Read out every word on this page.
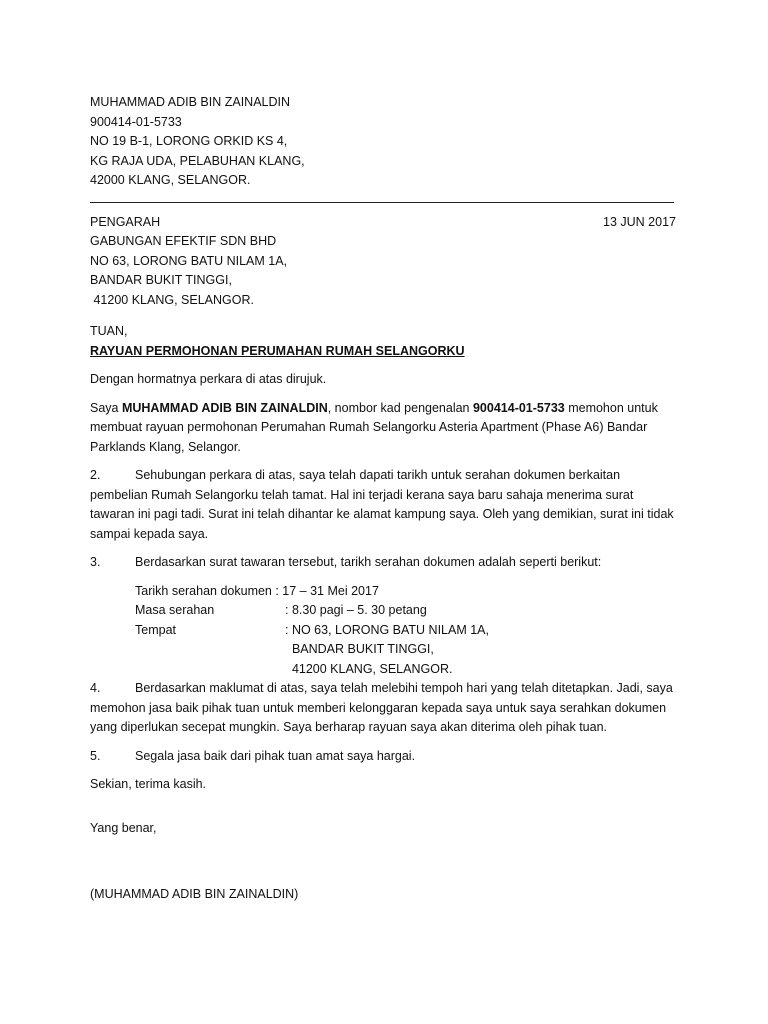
MUHAMMAD ADIB BIN ZAINALDIN
900414-01-5733
NO 19 B-1, LORONG ORKID KS 4,
KG RAJA UDA, PELABUHAN KLANG,
42000 KLANG, SELANGOR.
13 JUN 2017
PENGARAH
GABUNGAN EFEKTIF SDN BHD
NO 63, LORONG BATU NILAM 1A,
BANDAR BUKIT TINGGI,
41200 KLANG, SELANGOR.
TUAN,
RAYUAN PERMOHONAN PERUMAHAN RUMAH SELANGORKU

Dengan hormatnya perkara di atas dirujuk.

Saya MUHAMMAD ADIB BIN ZAINALDIN, nombor kad pengenalan 900414-01-5733 memohon untuk membuat rayuan permohonan Perumahan Rumah Selangorku Asteria Apartment (Phase A6) Bandar Parklands Klang, Selangor.

2.	Sehubungan perkara di atas, saya telah dapati tarikh untuk serahan dokumen berkaitan pembelian Rumah Selangorku telah tamat. Hal ini terjadi kerana saya baru sahaja menerima surat tawaran ini pagi tadi. Surat ini telah dihantar ke alamat kampung saya. Oleh yang demikian, surat ini tidak sampai kepada saya.

3.	Berdasarkan surat tawaran tersebut, tarikh serahan dokumen adalah seperti berikut:

Tarikh serahan dokumen : 17 – 31 Mei 2017
Masa serahan	: 8.30 pagi – 5. 30 petang
Tempat	: NO 63, LORONG BATU NILAM 1A,
BANDAR BUKIT TINGGI,
41200 KLANG, SELANGOR.

4.	Berdasarkan maklumat di atas, saya telah melebihi tempoh hari yang telah ditetapkan. Jadi, saya memohon jasa baik pihak tuan untuk memberi kelonggaran kepada saya untuk saya serahkan dokumen yang diperlukan secepat mungkin. Saya berharap rayuan saya akan diterima oleh pihak tuan.

5.	Segala jasa baik dari pihak tuan amat saya hargai.

Sekian, terima kasih.

Yang benar,

(MUHAMMAD ADIB BIN ZAINALDIN)
